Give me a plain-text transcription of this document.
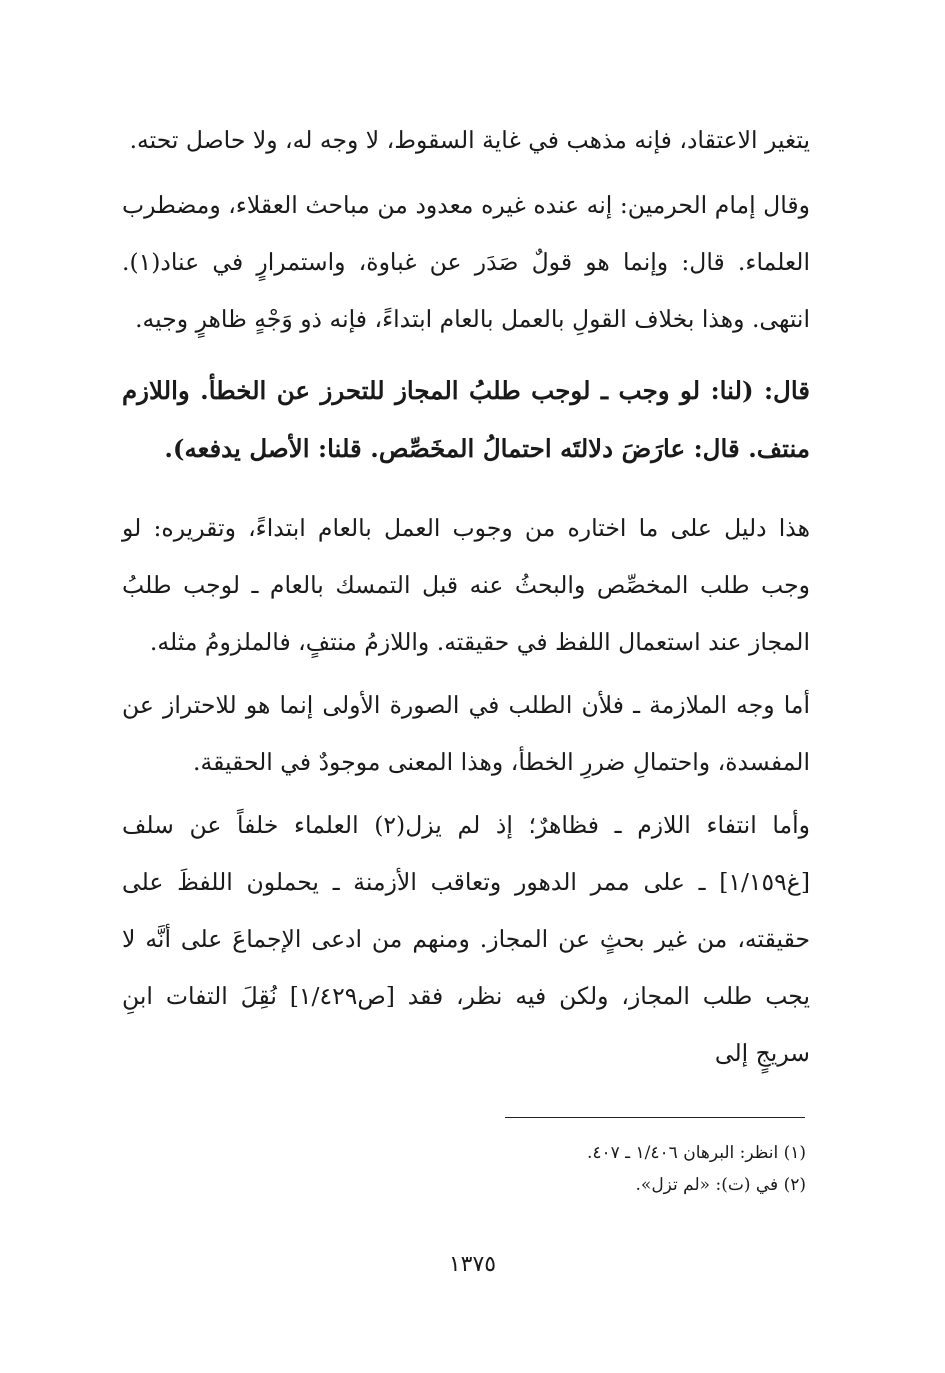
يتغير الاعتقاد، فإنه مذهب في غاية السقوط، لا وجه له، ولا حاصل تحته.

وقال إمام الحرمين: إنه عنده غيره معدود من مباحث العقلاء، ومضطرب العلماء. قال: وإنما هو قولٌ صَدَر عن غباوة، واستمرارٍ في عناد(١). انتهى. وهذا بخلاف القولِ بالعمل بالعام ابتداءً، فإنه ذو وَجْهٍ ظاهرٍ وجيه.

قال: (لنا: لو وجب ـ لوجب طلبُ المجاز للتحرز عن الخطأ. واللازم منتف. قال: عارَضَ دلالتَه احتمالُ المخَصِّص. قلنا: الأصل يدفعه).

هذا دليل على ما اختاره من وجوب العمل بالعام ابتداءً، وتقريره: لو وجب طلب المخصِّص والبحثُ عنه قبل التمسك بالعام ـ لوجب طلبُ المجاز عند استعمال اللفظ في حقيقته. واللازمُ منتفٍ، فالملزومُ مثله.

أما وجه الملازمة ـ فلأن الطلب في الصورة الأولى إنما هو للاحتراز عن المفسدة، واحتمالِ ضررِ الخطأ، وهذا المعنى موجودٌ في الحقيقة.

وأما انتفاء اللازم ـ فظاهرٌ؛ إذ لم يزل(٢) العلماء خلفاً عن سلف [غ١/١٥٩] ـ على ممر الدهور وتعاقب الأزمنة ـ يحملون اللفظَ على حقيقته، من غير بحثٍ عن المجاز. ومنهم من ادعى الإجماعَ على أنَّه لا يجب طلب المجاز، ولكن فيه نظر، فقد [ص١/٤٢٩] نُقِلَ التفات ابنِ سريجٍ إلى

(١) انظر: البرهان ١/٤٠٦ ـ ٤٠٧.

(٢) في (ت): «لم تزل».

١٣٧٥
